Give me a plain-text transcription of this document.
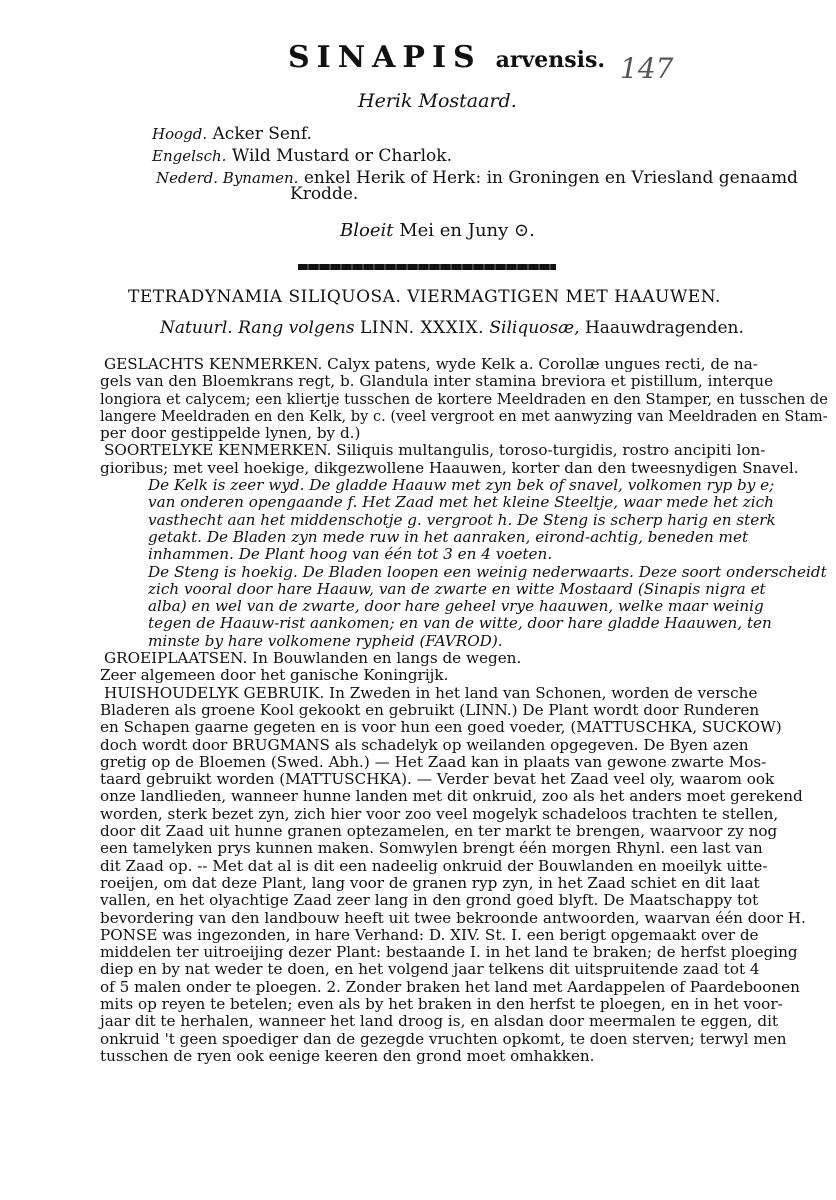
SINAPIS arvensis. 147
Herik Mostaard.
Hoogd. Acker Senf.
Engelsch. Wild Mustard or Charlok.
Nederd. Bynamen. enkel Herik of Herk: in Groningen en Vriesland genaamd
Krodde.
Bloeit Mei en Juny ⊙.
TETRADYNAMIA SILIQUOSA. VIERMAGTIGEN MET HAAUWEN.
Natuurl. Rang volgens LINN. XXXIX. Siliquosæ, Haauwdragenden.
GESLACHTS KENMERKEN. Calyx patens, wyde Kelk a. Corollæ ungues recti, de na-
gels van den Bloemkrans regt, b. Glandula inter stamina breviora et pistillum, interque
longiora et calycem; een kliertje tusschen de kortere Meeldraden en den Stamper, en tusschen de
langere Meeldraden en den Kelk, by c. (veel vergroot en met aanwyzing van Meeldraden en Stam-
per door gestippelde lynen, by d.)
SOORTELYKE KENMERKEN. Siliquis multangulis, toroso-turgidis, rostro ancipiti lon-
gioribus; met veel hoekige, dikgezwollene Haauwen, korter dan den tweesnydigen Snavel.
De Kelk is zeer wyd. De gladde Haauw met zyn bek of snavel, volkomen ryp by e;
van onderen opengaande f. Het Zaad met het kleine Steeltje, waar mede het zich
vasthecht aan het middenschotje g. vergroot h. De Steng is scherp harig en sterk
getakt. De Bladen zyn mede ruw in het aanraken, eirond-achtig, beneden met
inhammen. De Plant hoog van één tot 3 en 4 voeten.
De Steng is hoekig. De Bladen loopen een weinig nederwaarts. Deze soort onderscheidt
zich vooral door hare Haauw, van de zwarte en witte Mostaard (Sinapis nigra et
alba) en wel van de zwarte, door hare geheel vrye haauwen, welke maar weinig
tegen de Haauw-rist aankomen; en van de witte, door hare gladde Haauwen, ten
minste by hare volkomene rypheid (FAVROD).
GROEIPLAATSEN. In Bouwlanden en langs de wegen.
Zeer algemeen door het ganische Koningrijk.
HUISHOUDELYK GEBRUIK. In Zweden in het land van Schonen, worden de versche
Bladeren als groene Kool gekookt en gebruikt (LINN.) De Plant wordt door Runderen
en Schapen gaarne gegeten en is voor hun een goed voeder, (MATTUSCHKA, SUCKOW)
doch wordt door BRUGMANS als schadelyk op weilanden opgegeven. De Byen azen
gretig op de Bloemen (Swed. Abh.) — Het Zaad kan in plaats van gewone zwarte Mos-
taard gebruikt worden (MATTUSCHKA). — Verder bevat het Zaad veel oly, waarom ook
onze landlieden, wanneer hunne landen met dit onkruid, zoo als het anders moet gerekend
worden, sterk bezet zyn, zich hier voor zoo veel mogelyk schadeloos trachten te stellen,
door dit Zaad uit hunne granen optezamelen, en ter markt te brengen, waarvoor zy nog
een tamelyken prys kunnen maken. Somwylen brengt één morgen Rhynl. een last van
dit Zaad op. -- Met dat al is dit een nadeelig onkruid der Bouwlanden en moeilyk uitte-
roeijen, om dat deze Plant, lang voor de granen ryp zyn, in het Zaad schiet en dit laat
vallen, en het olyachtige Zaad zeer lang in den grond goed blyft. De Maatschappy tot
bevordering van den landbouw heeft uit twee bekroonde antwoorden, waarvan één door H.
PONSE was ingezonden, in hare Verhand: D. XIV. St. I. een berigt opgemaakt over de
middelen ter uitroeijing dezer Plant: bestaande I. in het land te braken; de herfst ploeging
diep en by nat weder te doen, en het volgend jaar telkens dit uitspruitende zaad tot 4
of 5 malen onder te ploegen. 2. Zonder braken het land met Aardappelen of Paardeboonen
mits op reyen te betelen; even als by het braken in den herfst te ploegen, en in het voor-
jaar dit te herhalen, wanneer het land droog is, en alsdan door meermalen te eggen, dit
onkruid 't geen spoediger dan de gezegde vruchten opkomt, te doen sterven; terwyl men
tusschen de ryen ook eenige keeren den grond moet omhakken.
